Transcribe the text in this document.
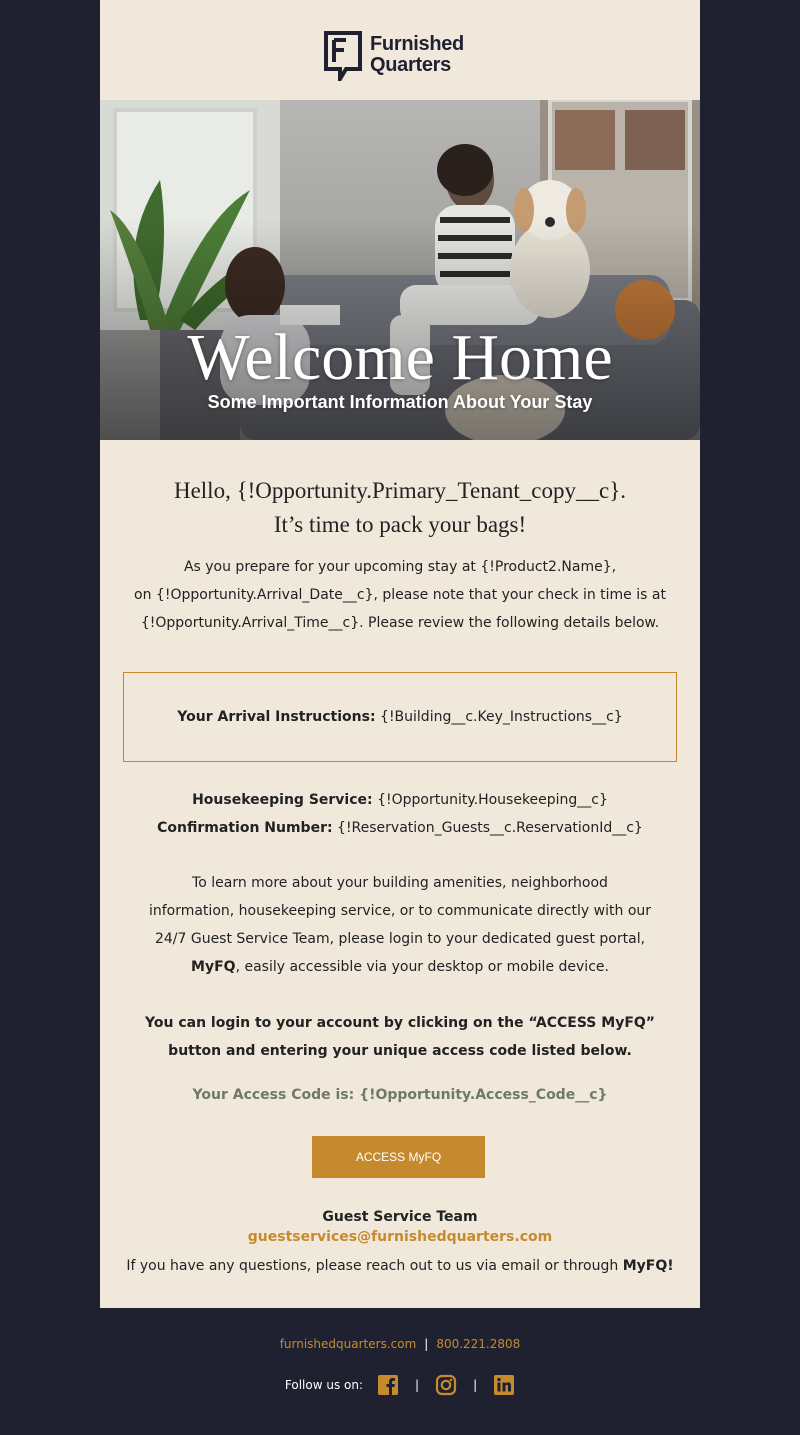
Furnished
Quarters
Welcome Home
Some Important Information About Your Stay
Hello, {!Opportunity.Primary_Tenant_copy__c}.
It’s time to pack your bags!
As you prepare for your upcoming stay at {!Product2.Name},
on {!Opportunity.Arrival_Date__c}, please note that your check in time is at
{!Opportunity.Arrival_Time__c}. Please review the following details below.
Your Arrival Instructions:
{!Building__c.Key_Instructions__c}
Housekeeping Service: {!Opportunity.Housekeeping__c}
Confirmation Number: {!Reservation_Guests__c.ReservationId__c}
To learn more about your building amenities, neighborhood
information, housekeeping service, or to communicate directly with our
24/7 Guest Service Team, please login to your dedicated guest portal,
MyFQ, easily accessible via your desktop or mobile device.
You can login to your account by clicking on the “ACCESS MyFQ”
button and entering your unique access code listed below.
Your Access Code is: {!Opportunity.Access_Code__c}
ACCESS MyFQ
Guest Service Team
guestservices@furnishedquarters.com
If you have any questions, please reach out to us via email or through MyFQ!
furnishedquarters.com | 800.221.2808
Follow us on:	|	|
